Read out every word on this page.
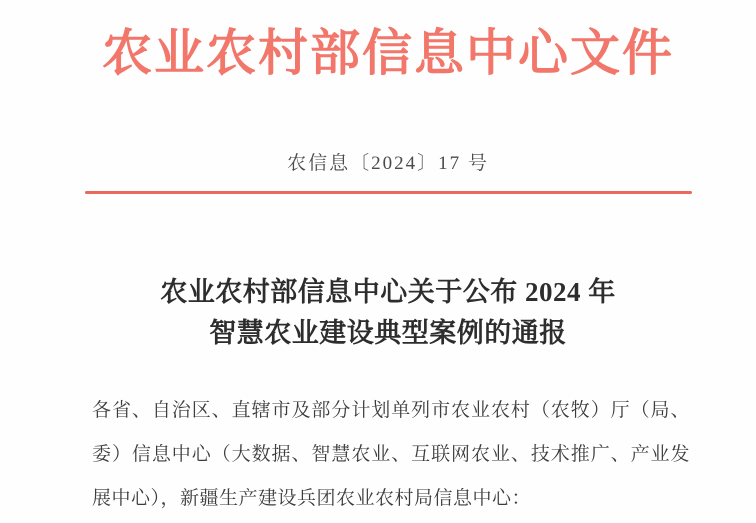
农业农村部信息中心文件
农信息〔2024〕17 号
农业农村部信息中心关于公布 2024 年
智慧农业建设典型案例的通报
各省、自治区、直辖市及部分计划单列市农业农村（农牧）厅（局、
委）信息中心（大数据、智慧农业、互联网农业、技术推广、产业发
展中心），新疆生产建设兵团农业农村局信息中心：
